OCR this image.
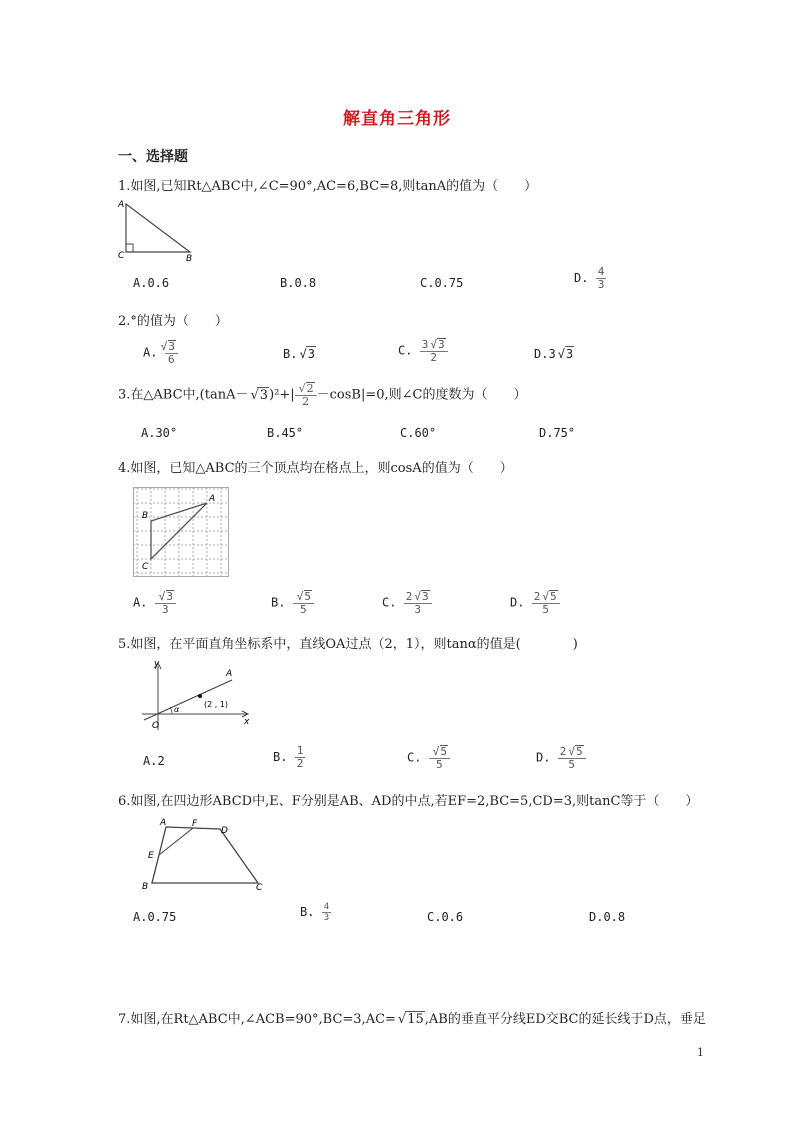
解直角三角形
一、选择题
1.如图,已知Rt△ABC中,∠C=90°,AC=6,BC=8,则tanA的值为（　　）
A
C	B
A.0.6	B.0.8	C.0.75	D. $\frac{4}{3}$
2.°的值为（　　）
A. √ $\frac{3}{6}$	B. √ 3	C. $\frac{3 √ 3}{2}$	D.3 √ 3
3.在△ABC中,(tanA－ √ 3)²+| √ $\frac{2}{2} -\cos B|=0$,则∠C的度数为（　　）
A.30°	B.45°	C.60°	D.75°
4.如图，已知△ABC的三个顶点均在格点上，则cosA的值为（　　）
A
B
C
A. √ $\frac{3}{3}$	B. √ $\frac{5}{5}$	C. $\frac{2 √ 3}{3}$	D. $\frac{2 √ 5}{5}$
5.如图，在平面直角坐标系中，直线OA过点（2，1），则tanα的值是(　　　　)
y
A
(2 , 1)
O
α
x
A.2	B. $\frac{1}{2}$	C. √ $\frac{5}{5}$	D. $\frac{2 √ 5}{5}$
6.如图,在四边形ABCD中,E、F分别是AB、AD的中点,若EF=2,BC=5,CD=3,则tanC等于（　　）
A	F
D
E
B	C
A.0.75	B. $\frac{4}{3}$	C.0.6	D.0.8
7.如图,在Rt△ABC中,∠ACB=90°,BC=3,AC= √ 15,AB的垂直平分线ED交BC的延长线于D点，垂足
1
